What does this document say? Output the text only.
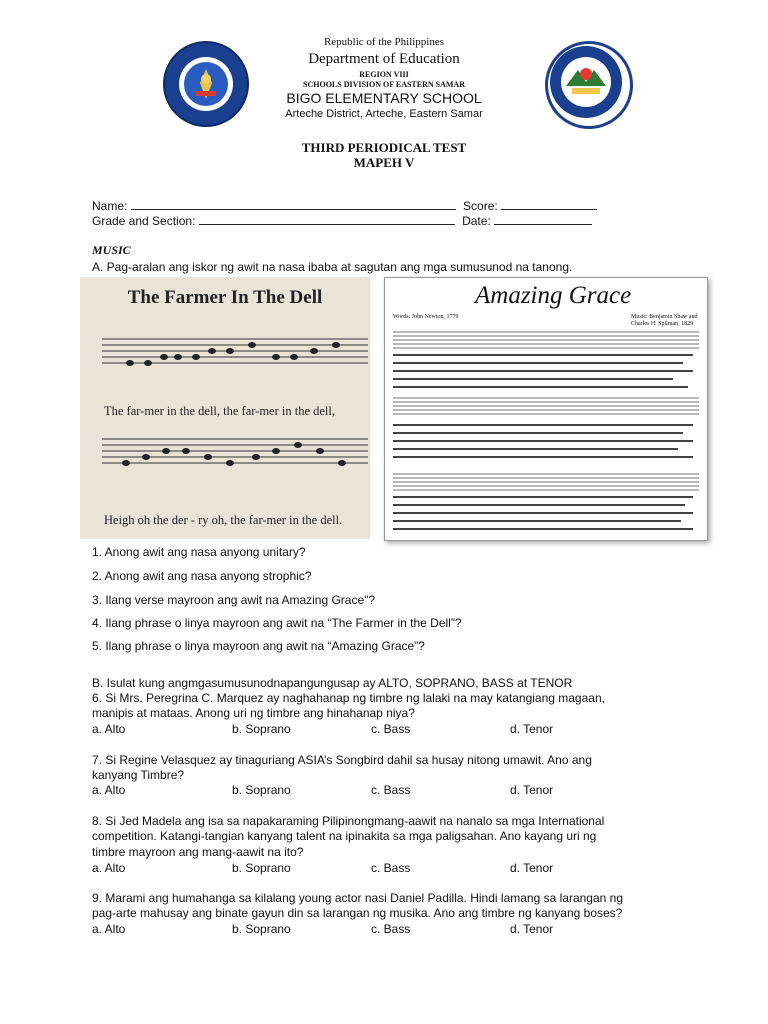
Republic of the Philippines
Department of Education
REGION VIII
SCHOOLS DIVISION OF EASTERN SAMAR
BIGO ELEMENTARY SCHOOL
Arteche District, Arteche, Eastern Samar
THIRD PERIODICAL TEST
MAPEH V
Name:	Score:
Grade and Section:	Date:
MUSIC
A. Pag-aralan ang iskor ng awit na nasa ibaba at sagutan ang mga sumusunod na tanong.
The Farmer In The Dell
The far-mer in the dell, the far-mer in the dell,
Heigh oh the der - ry oh, the far-mer in the dell.
Amazing Grace
Words: John Newton, 1779	Music: Benjamin Shaw and
Charles H. Spilman, 1829
1. Anong awit ang nasa anyong unitary?
2. Anong awit ang nasa anyong strophic?
3. Ilang verse mayroon ang awit na Amazing Grace"?
4. Ilang phrase o linya mayroon ang awit na “The Farmer in the Dell”?
5. Ilang phrase o linya mayroon ang awit na “Amazing Grace”?
B. Isulat kung angmgasumusunodnapangungusap ay ALTO, SOPRANO, BASS at TENOR
6. Si Mrs. Peregrina C. Marquez ay naghahanap ng timbre ng lalaki na may katangiang magaan,
manipis at mataas. Anong uri ng timbre ang hinahanap niya?
a. Alto	b. Soprano	c. Bass	d. Tenor
7. Si Regine Velasquez ay tinaguriang ASIA’s Songbird dahil sa husay nitong umawit. Ano ang
kanyang Timbre?
a. Alto	b. Soprano	c. Bass	d. Tenor
8. Si Jed Madela ang isa sa napakaraming Pilipinongmang-aawit na nanalo sa mga International
competition. Katangi-tangian kanyang talent na ipinakita sa mga paligsahan. Ano kayang uri ng
timbre mayroon ang mang-aawit na ito?
a. Alto	b. Soprano	c. Bass	d. Tenor
9. Marami ang humahanga sa kilalang young actor nasi Daniel Padilla. Hindi lamang sa larangan ng
pag-arte mahusay ang binate gayun din sa larangan ng musika. Ano ang timbre ng kanyang boses?
a. Alto	b. Soprano	c. Bass	d. Tenor
